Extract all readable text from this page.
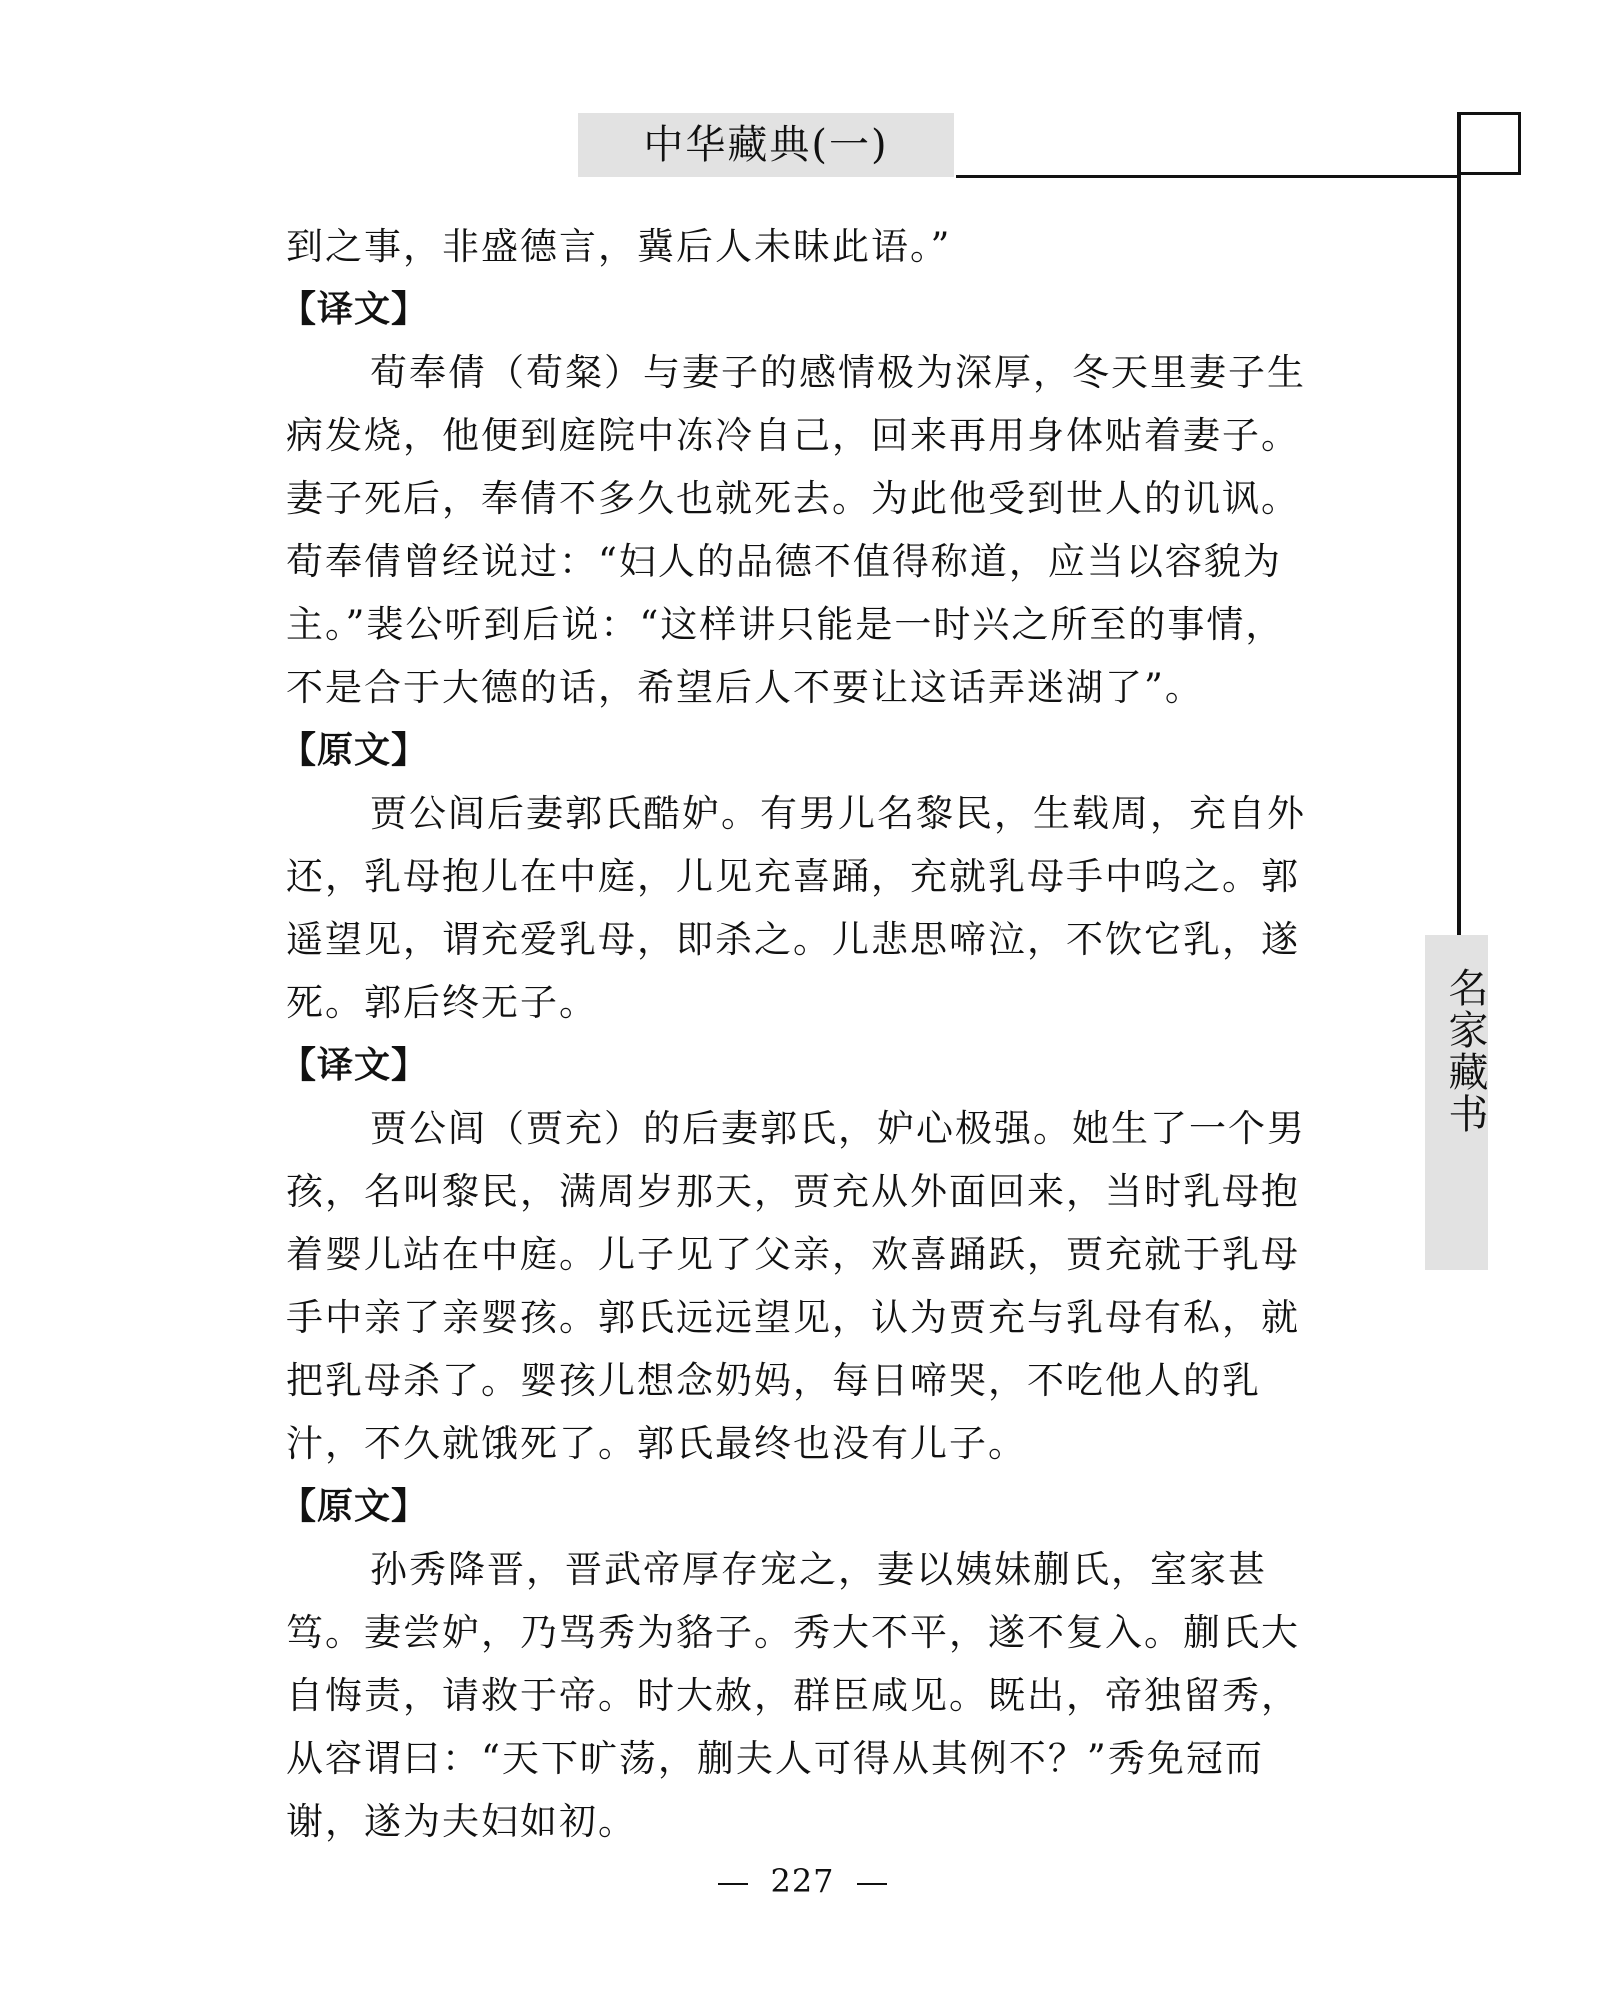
中华藏典(一)
名家藏书
到之事，非盛德言，冀后人未昧此语。”
【译文】
荀奉倩（荀粲）与妻子的感情极为深厚，冬天里妻子生
病发烧，他便到庭院中冻冷自己，回来再用身体贴着妻子。
妻子死后，奉倩不多久也就死去。为此他受到世人的讥讽。
荀奉倩曾经说过：“妇人的品德不值得称道，应当以容貌为
主。”裴公听到后说：“这样讲只能是一时兴之所至的事情，
不是合于大德的话，希望后人不要让这话弄迷湖了”。
【原文】
贾公闾后妻郭氏酷妒。有男儿名黎民，生载周，充自外
还，乳母抱儿在中庭，儿见充喜踊，充就乳母手中呜之。郭
遥望见，谓充爱乳母，即杀之。儿悲思啼泣，不饮它乳，遂
死。郭后终无子。
【译文】
贾公闾（贾充）的后妻郭氏，妒心极强。她生了一个男
孩，名叫黎民，满周岁那天，贾充从外面回来，当时乳母抱
着婴儿站在中庭。儿子见了父亲，欢喜踊跃，贾充就于乳母
手中亲了亲婴孩。郭氏远远望见，认为贾充与乳母有私，就
把乳母杀了。婴孩儿想念奶妈，每日啼哭，不吃他人的乳
汁，不久就饿死了。郭氏最终也没有儿子。
【原文】
孙秀降晋，晋武帝厚存宠之，妻以姨妹蒯氏，室家甚
笃。妻尝妒，乃骂秀为貉子。秀大不平，遂不复入。蒯氏大
自悔责，请救于帝。时大赦，群臣咸见。既出，帝独留秀，
从容谓曰：“天下旷荡，蒯夫人可得从其例不？”秀免冠而
谢，遂为夫妇如初。
227
